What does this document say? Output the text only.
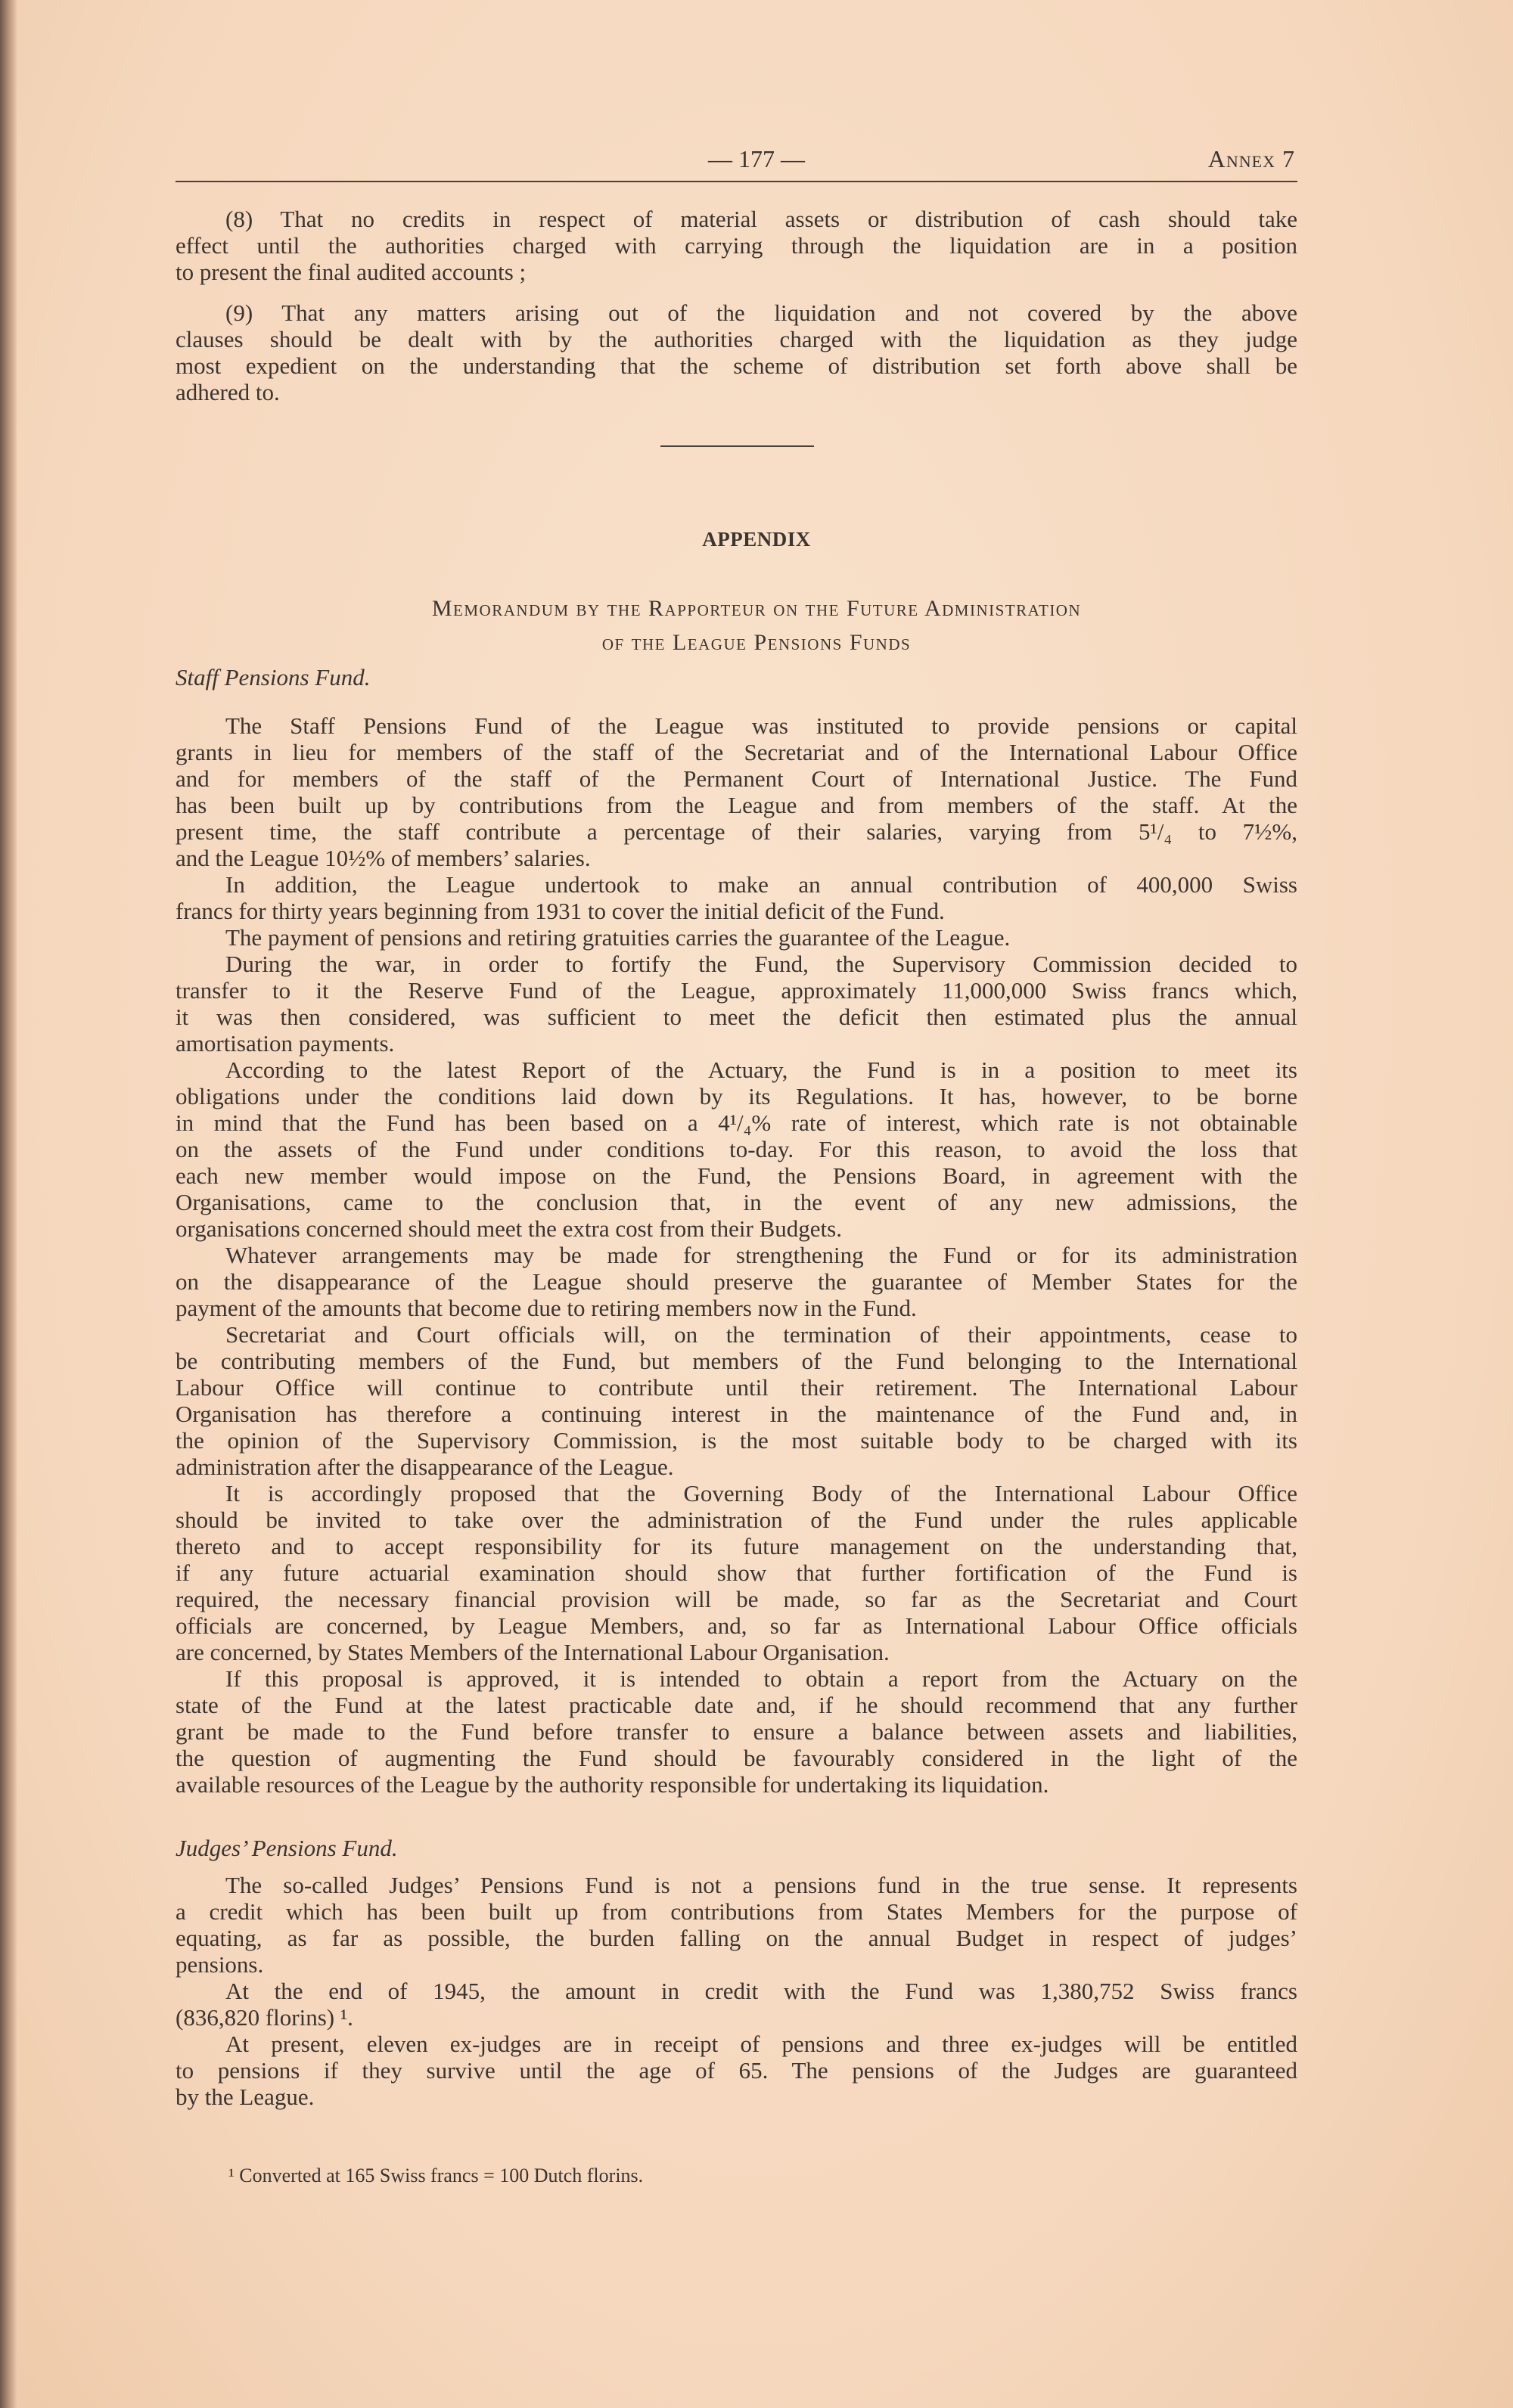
— 177 —	Annex 7
(8) That no credits in respect of material assets or distribution of cash should take
effect until the authorities charged with carrying through the liquidation are in a position
to present the final audited accounts ;
(9) That any matters arising out of the liquidation and not covered by the above
clauses should be dealt with by the authorities charged with the liquidation as they judge
most expedient on the understanding that the scheme of distribution set forth above shall be
adhered to.
APPENDIX
Memorandum by the Rapporteur on the Future Administration
of the League Pensions Funds
Staff Pensions Fund.
The Staff Pensions Fund of the League was instituted to provide pensions or capital
grants in lieu for members of the staff of the Secretariat and of the International Labour Office
and for members of the staff of the Permanent Court of International Justice. The Fund
has been built up by contributions from the League and from members of the staff. At the
present time, the staff contribute a percentage of their salaries, varying from 5¹/₄ to 7½%,
and the League 10½% of members’ salaries.
In addition, the League undertook to make an annual contribution of 400,000 Swiss
francs for thirty years beginning from 1931 to cover the initial deficit of the Fund.
The payment of pensions and retiring gratuities carries the guarantee of the League.
During the war, in order to fortify the Fund, the Supervisory Commission decided to
transfer to it the Reserve Fund of the League, approximately 11,000,000 Swiss francs which,
it was then considered, was sufficient to meet the deficit then estimated plus the annual
amortisation payments.
According to the latest Report of the Actuary, the Fund is in a position to meet its
obligations under the conditions laid down by its Regulations. It has, however, to be borne
in mind that the Fund has been based on a 4¹/₄% rate of interest, which rate is not obtainable
on the assets of the Fund under conditions to-day. For this reason, to avoid the loss that
each new member would impose on the Fund, the Pensions Board, in agreement with the
Organisations, came to the conclusion that, in the event of any new admissions, the
organisations concerned should meet the extra cost from their Budgets.
Whatever arrangements may be made for strengthening the Fund or for its administration
on the disappearance of the League should preserve the guarantee of Member States for the
payment of the amounts that become due to retiring members now in the Fund.
Secretariat and Court officials will, on the termination of their appointments, cease to
be contributing members of the Fund, but members of the Fund belonging to the International
Labour Office will continue to contribute until their retirement. The International Labour
Organisation has therefore a continuing interest in the maintenance of the Fund and, in
the opinion of the Supervisory Commission, is the most suitable body to be charged with its
administration after the disappearance of the League.
It is accordingly proposed that the Governing Body of the International Labour Office
should be invited to take over the administration of the Fund under the rules applicable
thereto and to accept responsibility for its future management on the understanding that,
if any future actuarial examination should show that further fortification of the Fund is
required, the necessary financial provision will be made, so far as the Secretariat and Court
officials are concerned, by League Members, and, so far as International Labour Office officials
are concerned, by States Members of the International Labour Organisation.
If this proposal is approved, it is intended to obtain a report from the Actuary on the
state of the Fund at the latest practicable date and, if he should recommend that any further
grant be made to the Fund before transfer to ensure a balance between assets and liabilities,
the question of augmenting the Fund should be favourably considered in the light of the
available resources of the League by the authority responsible for undertaking its liquidation.
Judges’ Pensions Fund.
The so-called Judges’ Pensions Fund is not a pensions fund in the true sense. It represents
a credit which has been built up from contributions from States Members for the purpose of
equating, as far as possible, the burden falling on the annual Budget in respect of judges’
pensions.
At the end of 1945, the amount in credit with the Fund was 1,380,752 Swiss francs
(836,820 florins) ¹.
At present, eleven ex-judges are in receipt of pensions and three ex-judges will be entitled
to pensions if they survive until the age of 65. The pensions of the Judges are guaranteed
by the League.
¹ Converted at 165 Swiss francs = 100 Dutch florins.
